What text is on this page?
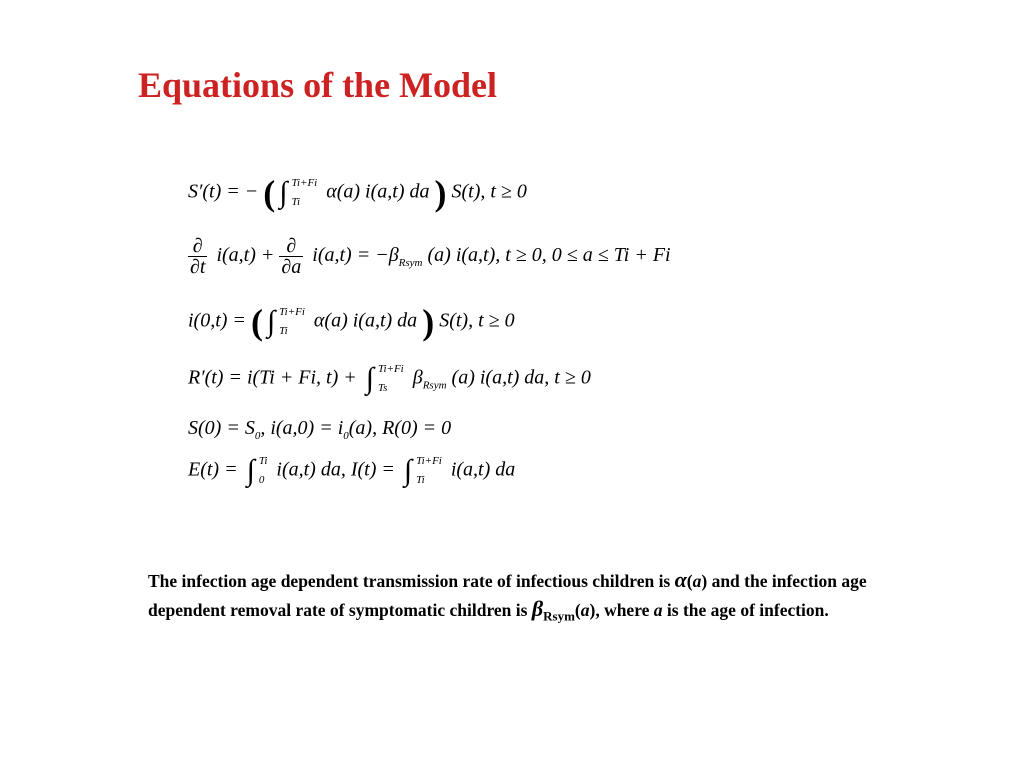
Equations of the Model
S′(t) = − ( ∫ Ti+Fi
Ti	α(a) i(a,t) da ) S(t), t ≥ 0
$\frac{\partial}{\partial t} i(a,t) + \frac{\partial}{\partial a} i(a,t) = -\beta_{Rsym}$ (a) i(a,t), t ≥ 0, 0 ≤ a ≤ Ti + Fi
i(0,t) = ( ∫ Ti+Fi
Ti	α(a) i(a,t) da ) S(t), t ≥ 0
R′(t) = i(Ti + Fi, t) + ∫ Ti+Fi
Ts	$\beta_{Rsym}$ (a) i(a,t) da, t ≥ 0
$S(0) = S_0$, $i(a,0) = i_0(a)$, R(0) = 0
E(t) = ∫ Ti
0 i(a,t) da, I(t) = ∫ Ti+Fi
Ti	i(a,t) da
The infection age dependent transmission rate of infectious children is α(a) and the infection age dependent removal rate of symptomatic children is $\beta_{Rsym}(a)$, where a is the age of infection.
